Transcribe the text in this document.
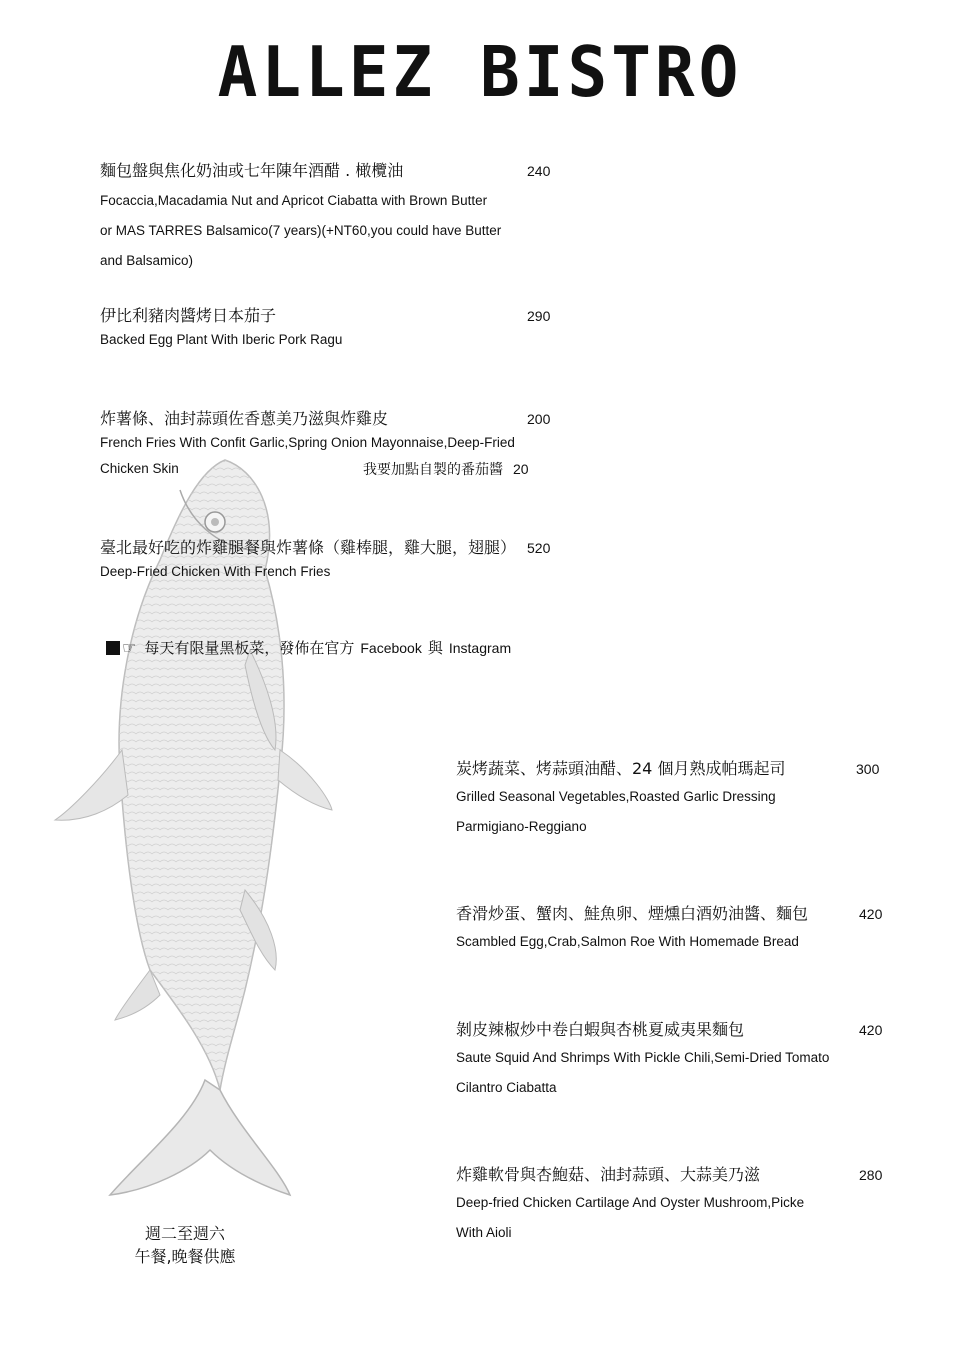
ALLEZ BISTRO
麵包盤與焦化奶油或七年陳年酒醋 . 橄欖油
Focaccia,Macadamia Nut and Apricot Ciabatta with Brown Butter
or MAS TARRES Balsamico(7 years)(+NT60,you could have Butter
and Balsamico)
240
伊比利豬肉醬烤日本茄子
Backed Egg Plant With Iberic Pork Ragu
290
炸薯條、油封蒜頭佐香蔥美乃滋與炸雞皮
French Fries With Confit Garlic,Spring Onion Mayonnaise,Deep-Fried
Chicken Skin
200
我要加點自製的番茄醬 20
臺北最好吃的炸雞腿餐與炸薯條（雞棒腿，雞大腿，翅腿）
Deep-Fried Chicken With French Fries
520
☞ 每天有限量黑板菜，發佈在官方 Facebook 與 Instagram
炭烤蔬菜、烤蒜頭油醋、24 個月熟成帕瑪起司
Grilled Seasonal Vegetables,Roasted Garlic Dressing
Parmigiano-Reggiano
300
香滑炒蛋、蟹肉、鮭魚卵、煙燻白酒奶油醬、麵包
Scambled Egg,Crab,Salmon Roe With Homemade Bread
420
剝皮辣椒炒中卷白蝦與杏桃夏威夷果麵包
Saute Squid And Shrimps With Pickle Chili,Semi-Dried Tomato
Cilantro Ciabatta
420
炸雞軟骨與杏鮑菇、油封蒜頭、大蒜美乃滋
Deep-fried Chicken Cartilage And Oyster Mushroom,Picke
With Aioli
280
週二至週六
午餐,晚餐供應
